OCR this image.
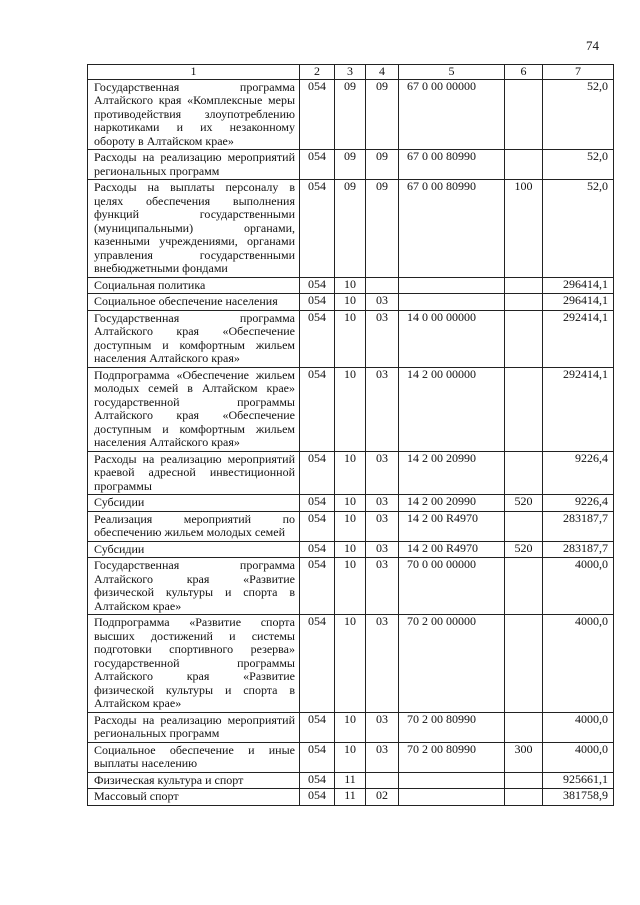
74
1	2	3	4	5	6	7
Государственная программа Алтайского края «Комплексные меры противодействия злоупотреблению наркотиками и их незаконному обороту в Алтайском крае»	054	09	09	67 0 00 00000		52,0
Расходы на реализацию мероприятий региональных программ	054	09	09	67 0 00 80990		52,0
Расходы на выплаты персоналу в целях обеспечения выполнения функций государственными (муниципальными) органами, казенными учреждениями, органами управления государственными внебюджетными фондами	054	09	09	67 0 00 80990	100	52,0
Социальная политика	054	10				296414,1
Социальное обеспечение населения	054	10	03			296414,1
Государственная программа Алтайского края «Обеспечение доступным и комфортным жильем населения Алтайского края»	054	10	03	14 0 00 00000		292414,1
Подпрограмма «Обеспечение жильем молодых семей в Алтайском крае» государственной программы Алтайского края «Обеспечение доступным и комфортным жильем населения Алтайского края»	054	10	03	14 2 00 00000		292414,1
Расходы на реализацию мероприятий краевой адресной инвестиционной программы	054	10	03	14 2 00 20990		9226,4
Субсидии	054	10	03	14 2 00 20990	520	9226,4
Реализация мероприятий по обеспечению жильем молодых семей	054	10	03	14 2 00 R4970		283187,7
Субсидии	054	10	03	14 2 00 R4970	520	283187,7
Государственная программа Алтайского края «Развитие физической культуры и спорта в Алтайском крае»	054	10	03	70 0 00 00000		4000,0
Подпрограмма «Развитие спорта высших достижений и системы подготовки спортивного резерва» государственной программы Алтайского края «Развитие физической культуры и спорта в Алтайском крае»	054	10	03	70 2 00 00000		4000,0
Расходы на реализацию мероприятий региональных программ	054	10	03	70 2 00 80990		4000,0
Социальное обеспечение и иные выплаты населению	054	10	03	70 2 00 80990	300	4000,0
Физическая культура и спорт	054	11				925661,1
Массовый спорт	054	11	02			381758,9
